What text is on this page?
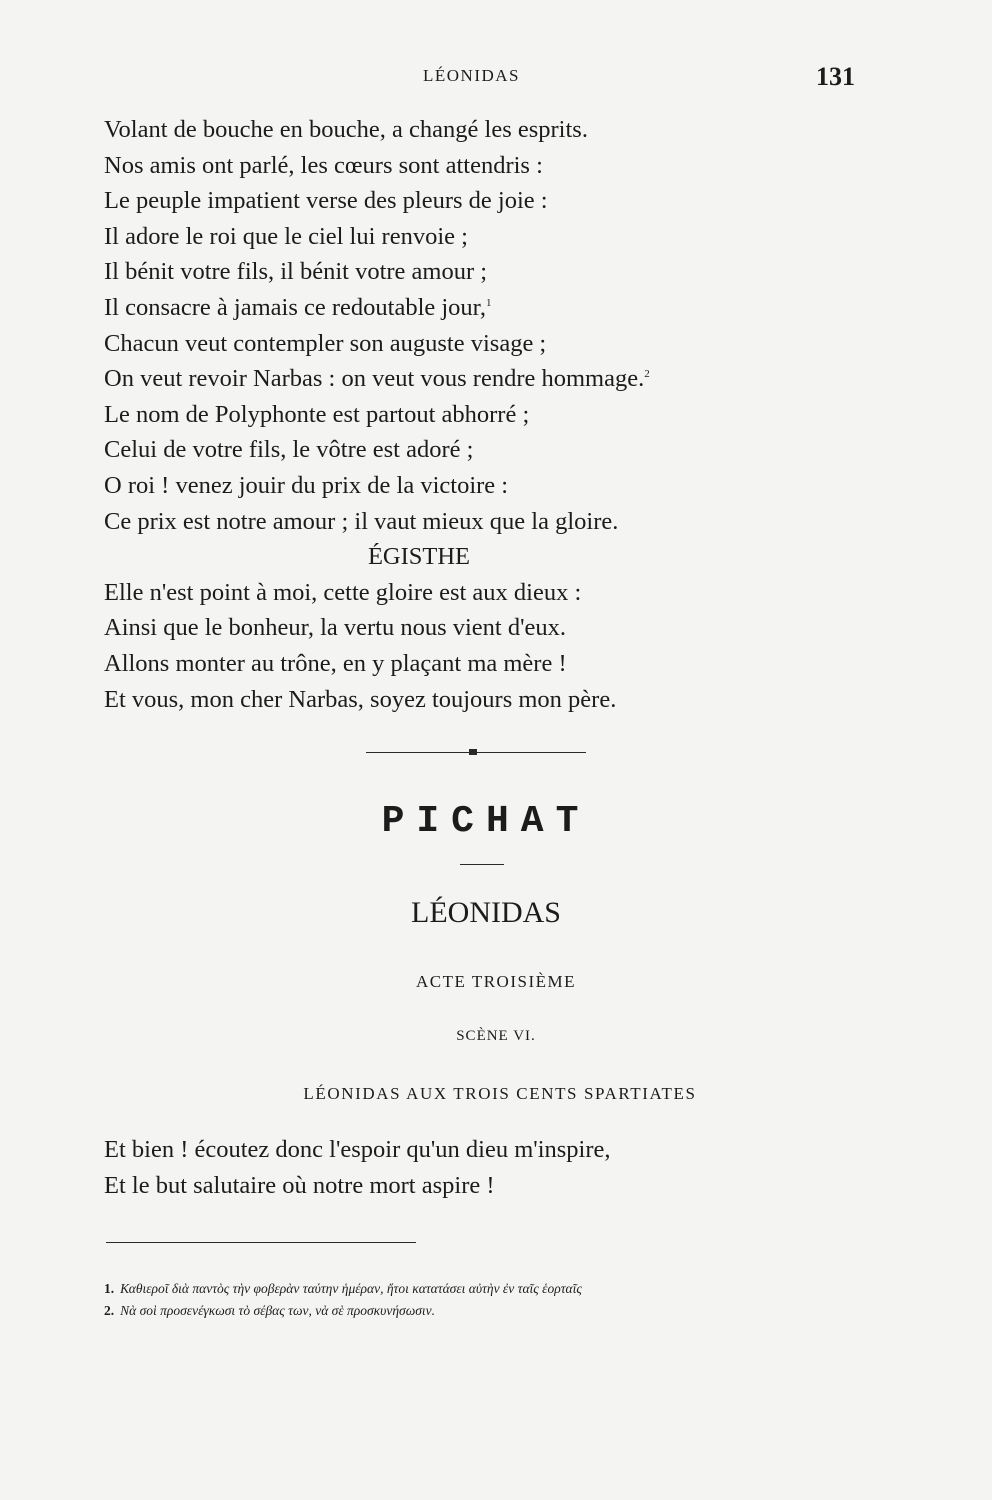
LÉONIDAS	131
Volant de bouche en bouche, a changé les esprits.
Nos amis ont parlé, les cœurs sont attendris :
Le peuple impatient verse des pleurs de joie :
Il adore le roi que le ciel lui renvoie ;
Il bénit votre fils, il bénit votre amour ;
Il consacre à jamais ce redoutable jour,$^1$
Chacun veut contempler son auguste visage ;
On veut revoir Narbas : on veut vous rendre hommage.$^2$
Le nom de Polyphonte est partout abhorré ;
Celui de votre fils, le vôtre est adoré ;
O roi ! venez jouir du prix de la victoire :
Ce prix est notre amour ; il vaut mieux que la gloire.
ÉGISTHE
Elle n'est point à moi, cette gloire est aux dieux :
Ainsi que le bonheur, la vertu nous vient d'eux.
Allons monter au trône, en y plaçant ma mère !
Et vous, mon cher Narbas, soyez toujours mon père.
PICHAT
LÉONIDAS
ACTE TROISIÈME
SCÈNE VI.
LÉONIDAS AUX TROIS CENTS SPARTIATES
Et bien ! écoutez donc l'espoir qu'un dieu m'inspire,
Et le but salutaire où notre mort aspire !
1. Καθιεροῖ διὰ παντὸς τὴν φοβερὰν ταύτην ἡμέραν, ἤτοι κατατάσει αὐτὴν ἐν ταῖς ἑορταῖς
2. Νὰ σοὶ προσενέγκωσι τὸ σέβας των, νὰ σὲ προσκυνήσωσιν.
